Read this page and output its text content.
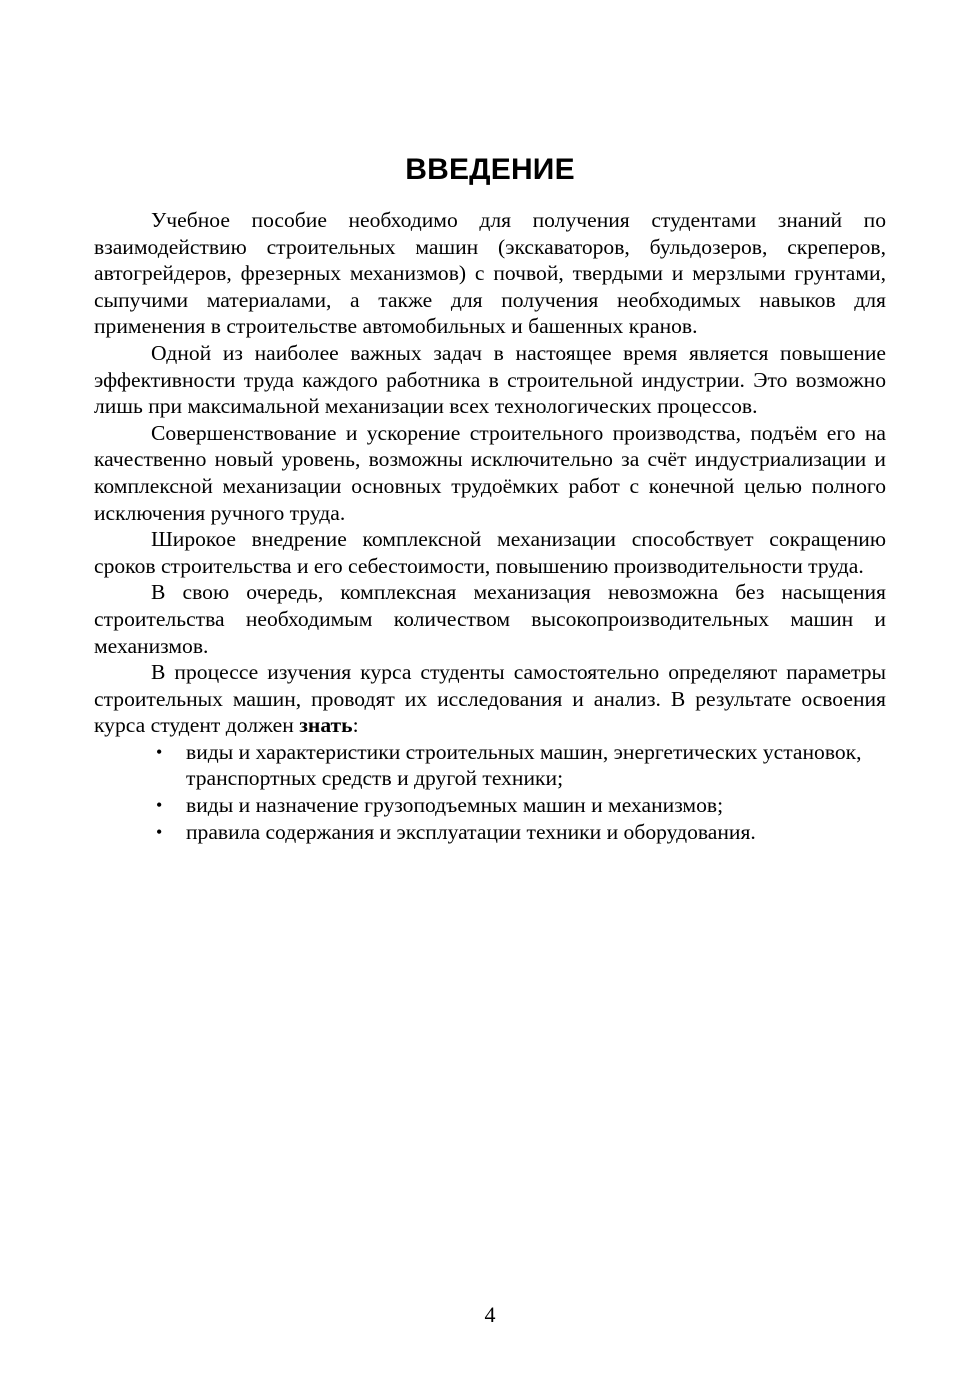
ВВЕДЕНИЕ

Учебное пособие необходимо для получения студентами знаний по взаимодействию строительных машин (экскаваторов, бульдозеров, скреперов, автогрейдеров, фрезерных механизмов) с почвой, твердыми и мерзлыми грунтами, сыпучими материалами, а также для получения необходимых навыков для применения в строительстве автомобильных и башенных кранов.

Одной из наиболее важных задач в настоящее время является повышение эффективности труда каждого работника в строительной индустрии. Это возможно лишь при максимальной механизации всех технологических процессов.

Совершенствование и ускорение строительного производства, подъём его на качественно новый уровень, возможны исключительно за счёт индустриализации и комплексной механизации основных трудоёмких работ с конечной целью полного исключения ручного труда.

Широкое внедрение комплексной механизации способствует сокращению сроков строительства и его себестоимости, повышению производительности труда.

В свою очередь, комплексная механизация невозможна без насыщения строительства необходимым количеством высокопроизводительных машин и механизмов.

В процессе изучения курса студенты самостоятельно определяют параметры строительных машин, проводят их исследования и анализ. В результате освоения курса студент должен знать:

• виды и характеристики строительных машин, энергетических установок, транспортных средств и другой техники;
• виды и назначение грузоподъемных машин и механизмов;
• правила содержания и эксплуатации техники и оборудования.
4
